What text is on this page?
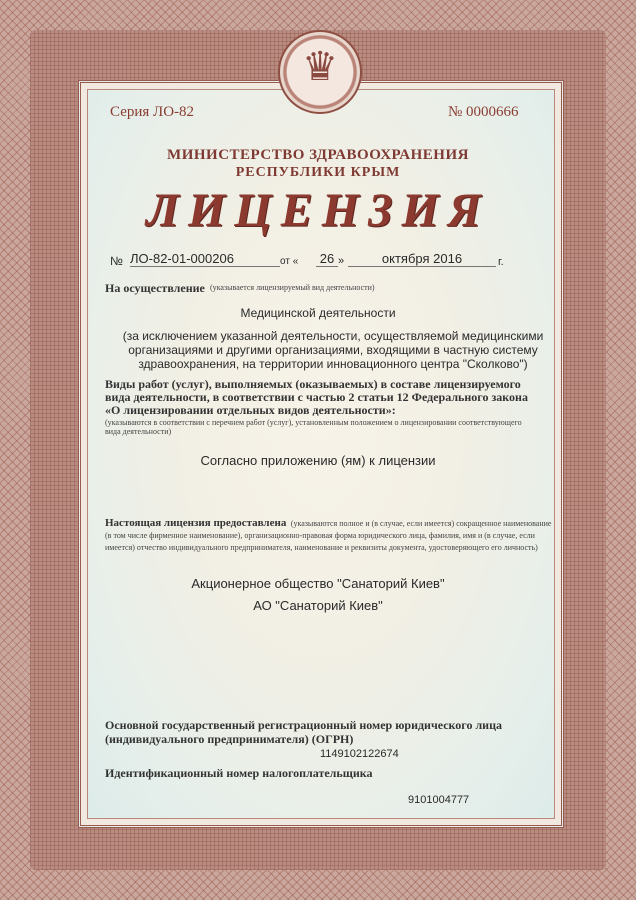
♛
Серия ЛО-82	№ 0000666
МИНИСТЕРСТВО ЗДРАВООХРАНЕНИЯ
РЕСПУБЛИКИ КРЫМ
ЛИЦЕНЗИЯ
№ ЛО-82-01-000206	от « 26 »	октября 2016	г.
На осуществление (указывается лицензируемый вид деятельности)
Медицинской деятельности
(за исключением указанной деятельности, осуществляемой медицинскими организациями и другими организациями, входящими в частную систему здравоохранения, на территории инновационного центра "Сколково")
Виды работ (услуг), выполняемых (оказываемых) в составе лицензируемого вида деятельности, в соответствии с частью 2 статьи 12 Федерального закона «О лицензировании отдельных видов деятельности»:
(указываются в соответствии с перечнем работ (услуг), установленным положением о лицензировании соответствующего вида деятельности)
Согласно приложению (ям) к лицензии
Настоящая лицензия предоставлена (указываются полное и (в случае, если имеется) сокращенное наименование (в том числе фирменное наименование), организационно-правовая форма юридического лица, фамилия, имя и (в случае, если имеется) отчество индивидуального предпринимателя, наименование и реквизиты документа, удостоверяющего его личность)
Акционерное общество "Санаторий Киев"
АО "Санаторий Киев"
Основной государственный регистрационный номер юридического лица (индивидуального предпринимателя) (ОГРН)
1149102122674
Идентификационный номер налогоплательщика
9101004777
